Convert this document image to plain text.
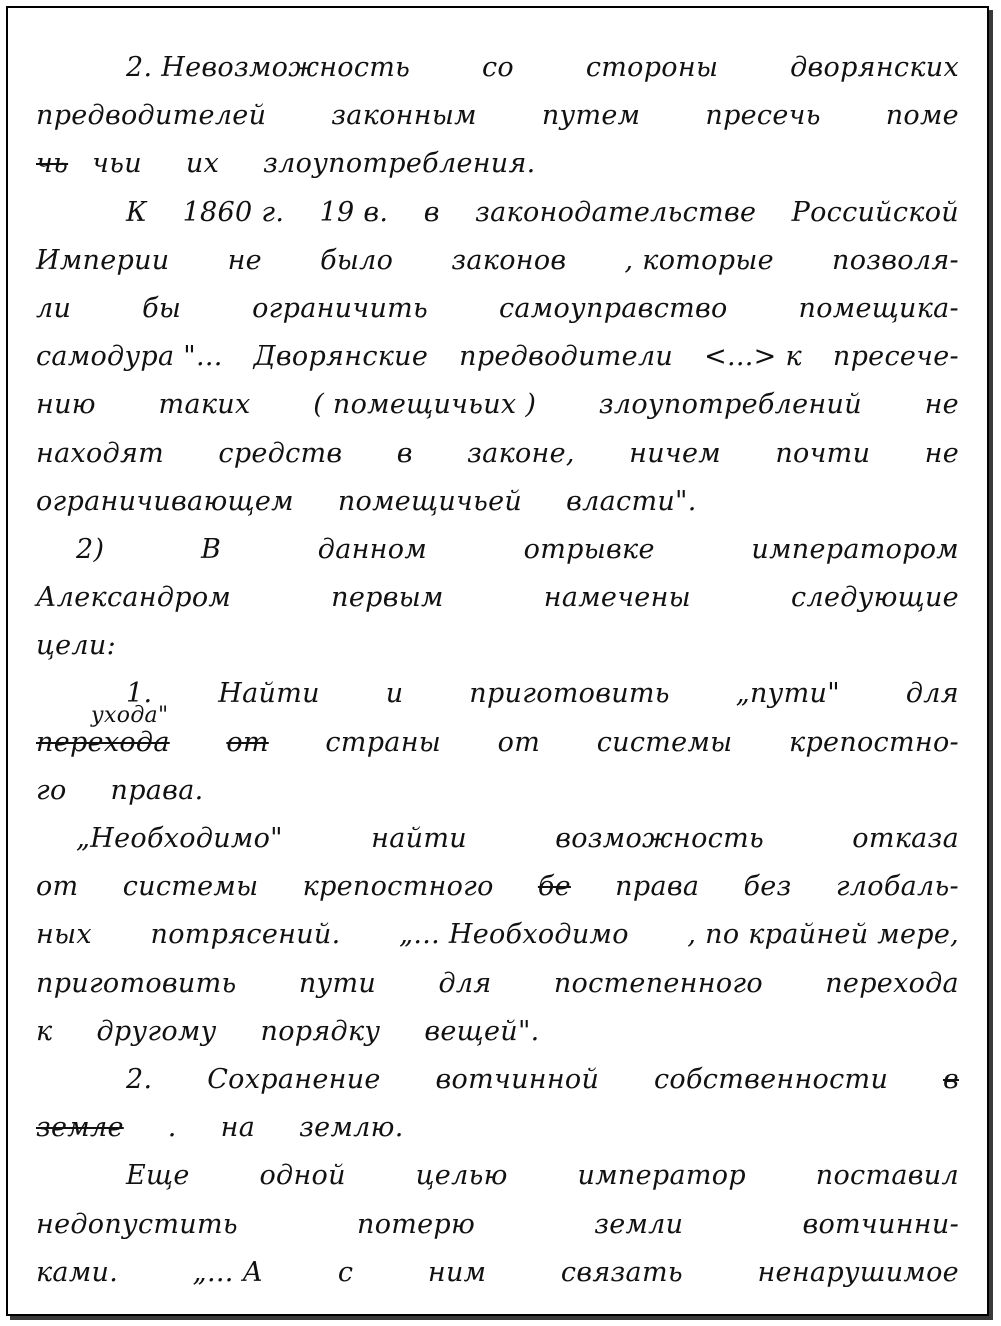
2. Невозможность	со	стороны	дворянских
предводителей законным путем пресечь поме
чь чьи их злоупотребления.
К 1860 г. 19 в. в законодательстве Российской
Империи не было законов , которые позволя-
ли	бы	ограничить	самоуправство	помещика-
самодура "... Дворянские предводители <...> к пресече-
нию таких ( помещичьих ) злоупотреблений не
находят средств в законе, ничем почти не
ограничивающем помещичьей власти".
2)	В	данном	отрывке	императором
Александром	первым	намечены	следующие
цели:
1. Найти и приготовить „пути" для
перехода от страны от системы крепостно-
ухода"
го права.
„Необходимо"	найти	возможность	отказа
от системы крепостного бе права без глобаль-
ных потрясений. „... Необходимо , по крайней мере,
приготовить пути для постепенного перехода
к другому порядку вещей".
2. Сохранение вотчинной собственности в
земле . на землю.
Еще	одной	целью	император	поставил
недопустить	потерю	земли	вотчинни-
ками.	„... А	с	ним	связать	ненарушимое
